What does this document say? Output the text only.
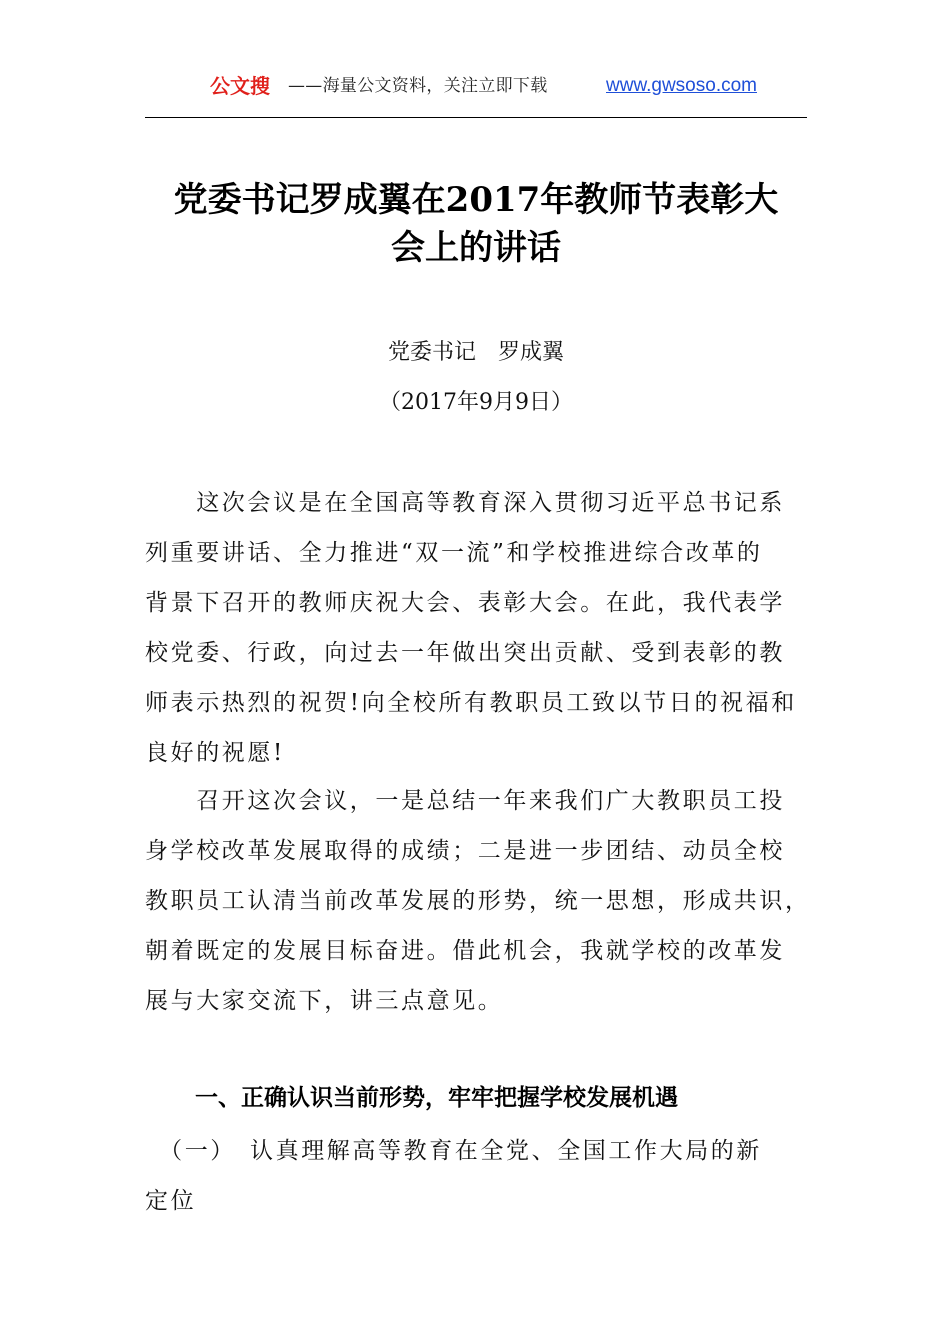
公文搜 ——海量公文资料，关注立即下载	www.gwsoso.com
党委书记罗成翼在2017年教师节表彰大
会上的讲话
党委书记　罗成翼
（2017年9月9日）
　　这次会议是在全国高等教育深入贯彻习近平总书记系
列重要讲话、全力推进“双一流”和学校推进综合改革的
背景下召开的教师庆祝大会、表彰大会。在此，我代表学
校党委、行政，向过去一年做出突出贡献、受到表彰的教
师表示热烈的祝贺!向全校所有教职员工致以节日的祝福和
良好的祝愿!
　　召开这次会议，一是总结一年来我们广大教职员工投
身学校改革发展取得的成绩；二是进一步团结、动员全校
教职员工认清当前改革发展的形势，统一思想，形成共识，
朝着既定的发展目标奋进。借此机会，我就学校的改革发
展与大家交流下，讲三点意见。
一、正确认识当前形势，牢牢把握学校发展机遇
　（一）　认真理解高等教育在全党、全国工作大局的新
定位
